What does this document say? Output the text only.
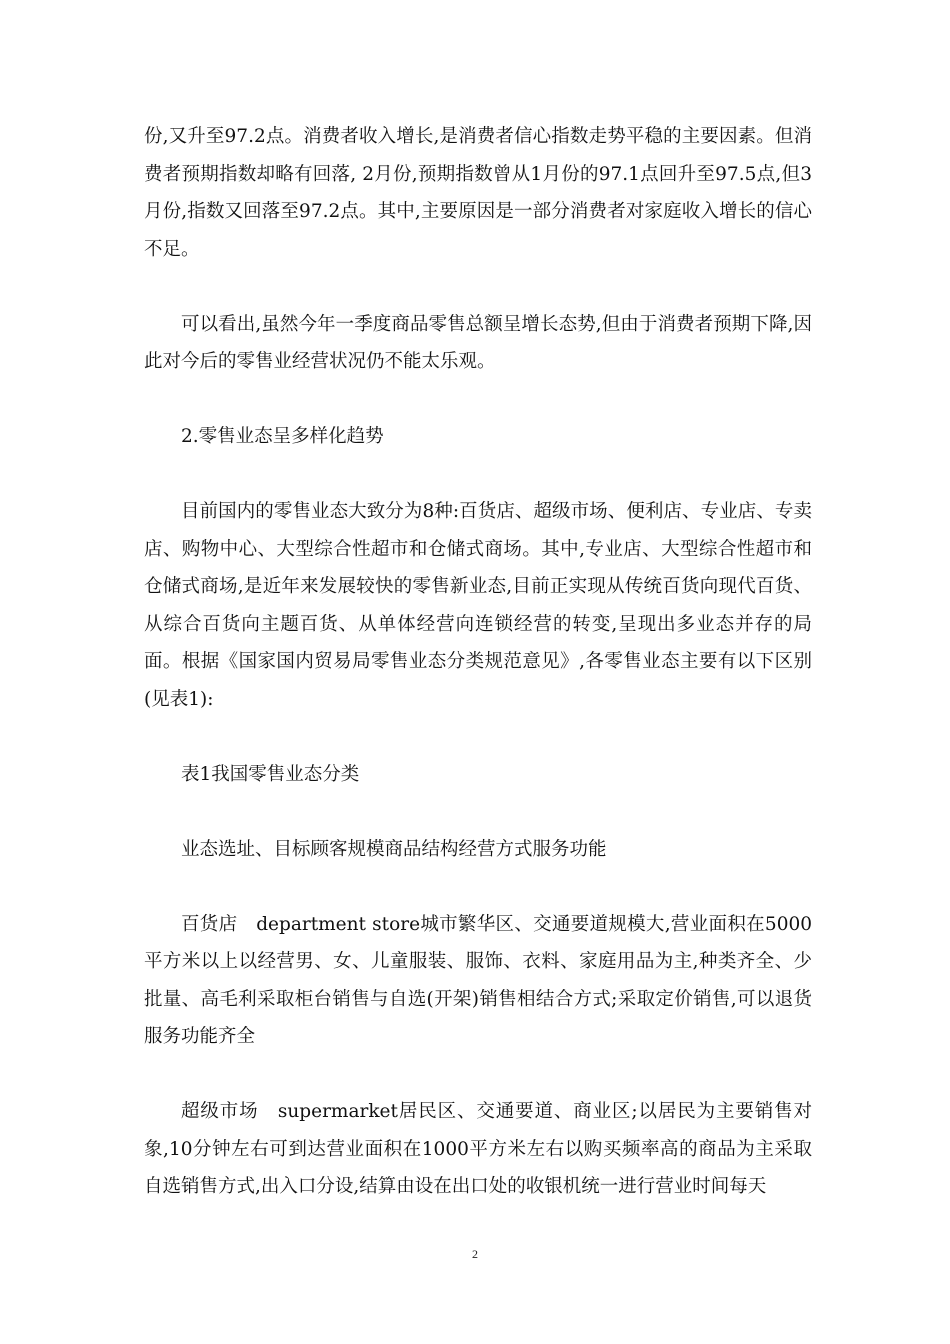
份,又升至97.2点。消费者收入增长,是消费者信心指数走势平稳的主要因素。但消费者预期指数却略有回落, 2月份,预期指数曾从1月份的97.1点回升至97.5点,但3月份,指数又回落至97.2点。其中,主要原因是一部分消费者对家庭收入增长的信心不足。

可以看出,虽然今年一季度商品零售总额呈增长态势,但由于消费者预期下降,因此对今后的零售业经营状况仍不能太乐观。

2.零售业态呈多样化趋势

目前国内的零售业态大致分为8种:百货店、超级市场、便利店、专业店、专卖店、购物中心、大型综合性超市和仓储式商场。其中,专业店、大型综合性超市和仓储式商场,是近年来发展较快的零售新业态,目前正实现从传统百货向现代百货、从综合百货向主题百货、从单体经营向连锁经营的转变,呈现出多业态并存的局面。根据《国家国内贸易局零售业态分类规范意见》,各零售业态主要有以下区别(见表1):

表1我国零售业态分类

业态选址、目标顾客规模商品结构经营方式服务功能

百货店　department store城市繁华区、交通要道规模大,营业面积在5000平方米以上以经营男、女、儿童服装、服饰、衣料、家庭用品为主,种类齐全、少批量、高毛利采取柜台销售与自选(开架)销售相结合方式;采取定价销售,可以退货服务功能齐全

超级市场　supermarket居民区、交通要道、商业区;以居民为主要销售对象,10分钟左右可到达营业面积在1000平方米左右以购买频率高的商品为主采取自选销售方式,出入口分设,结算由设在出口处的收银机统一进行营业时间每天

2
